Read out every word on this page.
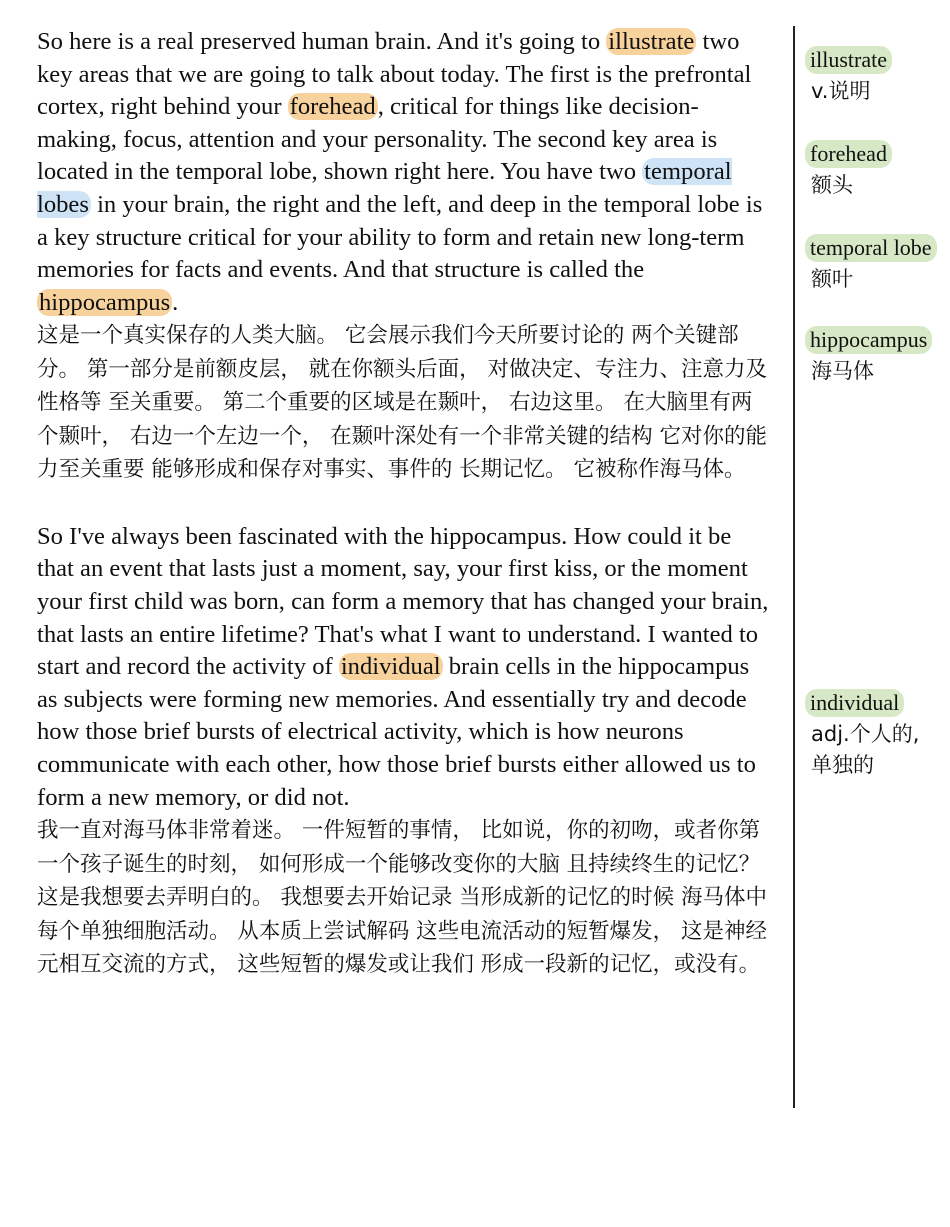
So here is a real preserved human brain. And it's going to illustrate two key areas that we are going to talk about today. The first is the prefrontal cortex, right behind your forehead, critical for things like decision-making, focus, attention and your personality. The second key area is located in the temporal lobe, shown right here. You have two temporal lobes in your brain, the right and the left, and deep in the temporal lobe is a key structure critical for your ability to form and retain new long-term memories for facts and events. And that structure is called the hippocampus.
这是一个真实保存的人类大脑。 它会展示我们今天所要讨论的 两个关键部分。 第一部分是前额皮层， 就在你额头后面， 对做决定、专注力、注意力及性格等 至关重要。 第二个重要的区域是在颞叶， 右边这里。 在大脑里有两个颞叶， 右边一个左边一个， 在颞叶深处有一个非常关键的结构 它对你的能力至关重要 能够形成和保存对事实、事件的 长期记忆。 它被称作海马体。
So I've always been fascinated with the hippocampus. How could it be that an event that lasts just a moment, say, your first kiss, or the moment your first child was born, can form a memory that has changed your brain, that lasts an entire lifetime? That's what I want to understand. I wanted to start and record the activity of individual brain cells in the hippocampus as subjects were forming new memories. And essentially try and decode how those brief bursts of electrical activity, which is how neurons communicate with each other, how those brief bursts either allowed us to form a new memory, or did not.
我一直对海马体非常着迷。 一件短暂的事情， 比如说，你的初吻，或者你第一个孩子诞生的时刻， 如何形成一个能够改变你的大脑 且持续终生的记忆？ 这是我想要去弄明白的。 我想要去开始记录 当形成新的记忆的时候 海马体中每个单独细胞活动。 从本质上尝试解码 这些电流活动的短暂爆发， 这是神经元相互交流的方式， 这些短暂的爆发或让我们 形成一段新的记忆，或没有。
illustrate
v.说明
forehead
额头
temporal lobe
额叶
hippocampus
海马体
individual
adj.个人的,单独的
